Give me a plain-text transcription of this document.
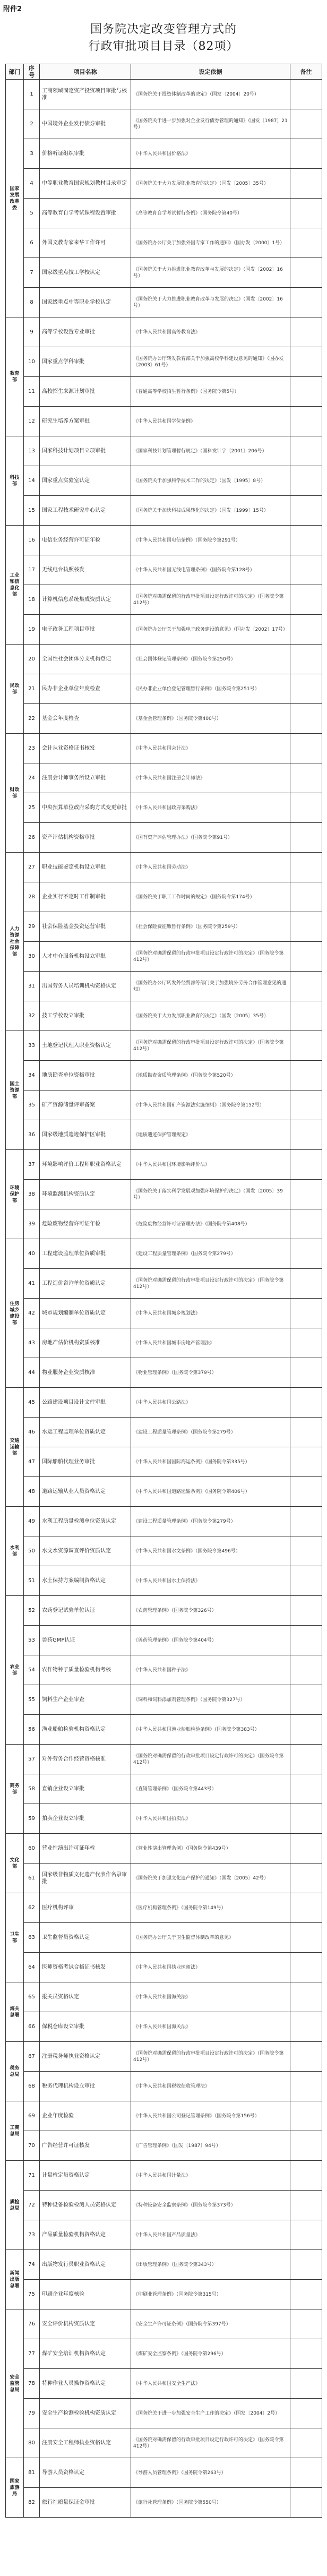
附件2
国务院决定改变管理方式的
行政审批项目目录（82项）
部门	序号	项目名称	设定依据	备注
国家发展改革委	1	工商领域固定资产投资项目审批与核准	《国务院关于投资体制改革的决定》（国发〔2004〕20号）	
	2	中国境外企业发行债券审批	《国务院关于进一步加强对企业发行债券管理的通知》（国发〔1987〕21号）	
	3	价格听证组织审批	《中华人民共和国价格法》	
	4	中等职业教育国家规划教材目录审定	《国务院关于大力发展职业教育的决定》（国发〔2005〕35号）	
	5	高等教育自学考试课程设置审批	《高等教育自学考试暂行条例》（国务院令第40号）	
	6	外国文教专家来华工作许可	《国务院办公厅关于加强外国专家工作的通知》（国办发〔2000〕1号）	
	7	国家级重点技工学校认定	《国务院关于大力推进职业教育改革与发展的决定》（国发〔2002〕16号）	
	8	国家级重点中等职业学校认定	《国务院关于大力推进职业教育改革与发展的决定》（国发〔2002〕16号）	
教育部	9	高等学校设置专业审批	《中华人民共和国高等教育法》	
	10	国家重点学科审批	《国务院办公厅转发教育部关于加强高校学科建设意见的通知》（国办发〔2003〕61号）	
	11	高校招生来源计划审批	《普通高等学校招生暂行条例》（国务院令第5号）	
	12	研究生培养方案审批	《中华人民共和国学位条例》	
科技部	13	国家科技计划项目立项审批	《国家科技计划管理暂行规定》（国科发计字〔2001〕206号）	
	14	国家重点实验室认定	《国务院关于加强科学技术工作的决定》（国发〔1995〕8号）	
	15	国家工程技术研究中心认定	《国务院关于加快科技成果转化的决定》（国发〔1999〕15号）	
工业和信息化部	16	电信业务经营许可证年检	《中华人民共和国电信条例》（国务院令第291号）	
	17	无线电台执照核发	《中华人民共和国无线电管理条例》（国务院令第128号）	
	18	计算机信息系统集成资质认定	《国务院对确需保留的行政审批项目设定行政许可的决定》（国务院令第412号）	
	19	电子政务工程项目审批	《国务院办公厅关于加强电子政务建设的意见》（国办发〔2002〕17号）	
民政部	20	全国性社会团体分支机构登记	《社会团体登记管理条例》（国务院令第250号）	
	21	民办非企业单位年度检查	《民办非企业单位登记管理暂行条例》（国务院令第251号）	
	22	基金会年度检查	《基金会管理条例》（国务院令第400号）	
财政部	23	会计从业资格证书核发	《中华人民共和国会计法》	
	24	注册会计师事务所设立审批	《中华人民共和国注册会计师法》	
	25	中央预算单位政府采购方式变更审批	《中华人民共和国政府采购法》	
	26	资产评估机构资格审批	《国有资产评估管理办法》（国务院令第91号）	
人力资源社会保障部	27	职业技能鉴定机构设立审批	《中华人民共和国劳动法》	
	28	企业实行不定时工作制审批	《国务院关于职工工作时间的规定》（国务院令第174号）	
	29	社会保险基金投资运营审批	《社会保险费征缴暂行条例》（国务院令第259号）	
	30	人才中介服务机构设立审批	《国务院对确需保留的行政审批项目设定行政许可的决定》（国务院令第412号）	
	31	出国劳务人员培训机构资格认定	《国务院办公厅转发外经贸部等部门关于加强境外劳务合作管理意见的通知》	
	32	技工学校设立审批	《国务院关于大力发展职业教育的决定》（国发〔2005〕35号）	
国土资源部	33	土地登记代理人职业资格认定	《国务院对确需保留的行政审批项目设定行政许可的决定》（国务院令第412号）	
	34	地质勘查单位资格审批	《地质勘查资质管理条例》（国务院令第520号）	
	35	矿产资源储量评审备案	《中华人民共和国矿产资源法实施细则》（国务院令第152号）	
	36	国家级地质遗迹保护区审批	《地质遗迹保护管理规定》	
环境保护部	37	环境影响评价工程师职业资格认定	《中华人民共和国环境影响评价法》	
	38	环境监测机构资质认定	《国务院关于落实科学发展观加强环境保护的决定》（国发〔2005〕39号）	
	39	危险废物经营许可证年检	《危险废物经营许可证管理办法》（国务院令第408号）	
住房城乡建设部	40	工程建设监理单位资质审批	《建设工程质量管理条例》（国务院令第279号）	
	41	工程造价咨询单位资质认定	《国务院对确需保留的行政审批项目设定行政许可的决定》（国务院令第412号）	
	42	城市规划编制单位资质认定	《中华人民共和国城乡规划法》	
	43	房地产估价机构资质核准	《中华人民共和国城市房地产管理法》	
	44	物业服务企业资质核准	《物业管理条例》（国务院令第379号）	
交通运输部	45	公路建设项目设计文件审批	《中华人民共和国公路法》	
	46	水运工程监理单位资质认定	《建设工程质量管理条例》（国务院令第279号）	
	47	国际船舶代理业务审批	《中华人民共和国国际海运条例》（国务院令第335号）	
	48	道路运输从业人员资格认定	《中华人民共和国道路运输条例》（国务院令第406号）	
水利部	49	水利工程质量检测单位资质认定	《建设工程质量管理条例》（国务院令第279号）	
	50	水文水资源调查评价资质认定	《中华人民共和国水文条例》（国务院令第496号）	
	51	水土保持方案编制资格认定	《中华人民共和国水土保持法》	
农业部	52	农药登记试验单位认证	《农药管理条例》（国务院令第326号）	
	53	兽药GMP认证	《兽药管理条例》（国务院令第404号）	
	54	农作物种子质量检验机构考核	《中华人民共和国种子法》	
	55	饲料生产企业审查	《饲料和饲料添加剂管理条例》（国务院令第327号）	
	56	渔业船舶检验机构资格认定	《中华人民共和国渔业船舶检验条例》（国务院令第383号）	
商务部	57	对外劳务合作经营资格核准	《国务院对确需保留的行政审批项目设定行政许可的决定》（国务院令第412号）	
	58	直销企业设立审批	《直销管理条例》（国务院令第443号）	
	59	拍卖企业设立审批	《中华人民共和国拍卖法》	
文化部	60	营业性演出许可证年检	《营业性演出管理条例》（国务院令第439号）	
	61	国家级非物质文化遗产代表作名录审批	《国务院关于加强文化遗产保护的通知》（国发〔2005〕42号）	
卫生部	62	医疗机构评审	《医疗机构管理条例》（国务院令第149号）	
	63	卫生监督员资格认定	《国务院办公厅关于卫生监督体制改革的意见》	
	64	医师资格考试合格证书核发	《中华人民共和国执业医师法》	
海关总署	65	报关员资格认定	《中华人民共和国海关法》	
	66	保税仓库设立审批	《中华人民共和国海关法》	
税务总局	67	注册税务师执业资格认定	《国务院对确需保留的行政审批项目设定行政许可的决定》（国务院令第412号）	
	68	税务代理机构设立审批	《中华人民共和国税收征收管理法》	
工商总局	69	企业年度检验	《中华人民共和国公司登记管理条例》（国务院令第156号）	
	70	广告经营许可证核发	《广告管理条例》（国发〔1987〕94号）	
质检总局	71	计量检定员资格认定	《中华人民共和国计量法》	
	72	特种设备检验检测人员资格认定	《特种设备安全监察条例》（国务院令第373号）	
	73	产品质量检验机构资格认定	《中华人民共和国产品质量法》	
新闻出版总署	74	出版物发行员职业资格认定	《出版管理条例》（国务院令第343号）	
	75	印刷企业年度核验	《印刷业管理条例》（国务院令第315号）	
安全监管总局	76	安全评价机构资质认定	《安全生产许可证条例》（国务院令第397号）	
	77	煤矿安全培训机构资格认定	《煤矿安全监察条例》（国务院令第296号）	
	78	特种作业人员操作资格认定	《中华人民共和国安全生产法》	
	79	安全生产检测检验机构资质认定	《国务院关于进一步加强安全生产工作的决定》（国发〔2004〕2号）	
	80	注册安全工程师执业资格认定	《国务院对确需保留的行政审批项目设定行政许可的决定》（国务院令第412号）	
国家旅游局	81	导游人员资格认定	《导游人员管理条例》（国务院令第263号）	
	82	旅行社质量保证金审批	《旅行社管理条例》（国务院令第550号）	
